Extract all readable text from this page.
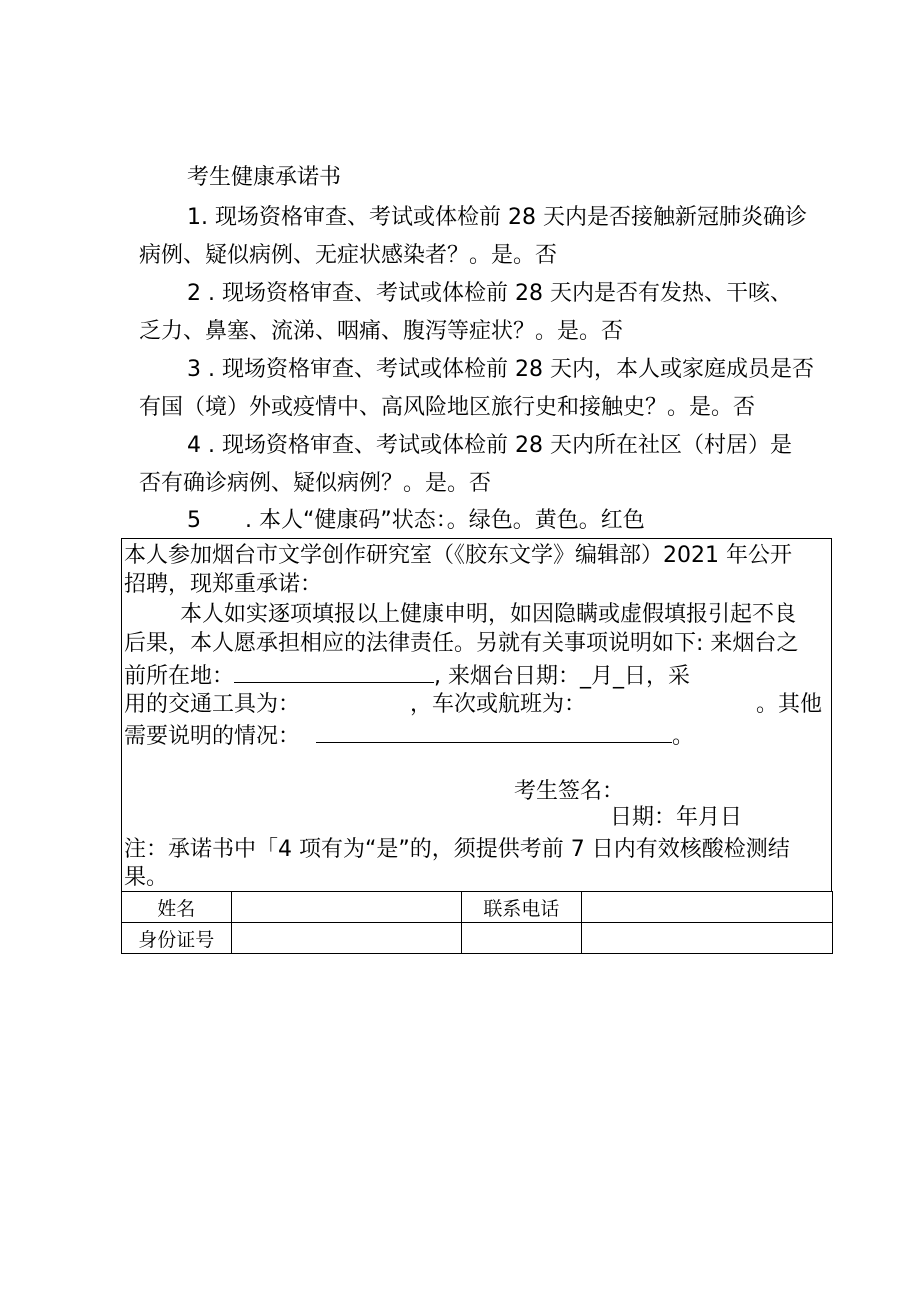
考生健康承诺书
1. 现场资格审查、考试或体检前 28 天内是否接触新冠肺炎确诊
病例、疑似病例、无症状感染者？。是。否
2 . 现场资格审查、考试或体检前 28 天内是否有发热、干咳、
乏力、鼻塞、流涕、咽痛、腹泻等症状？。是。否
3 . 现场资格审查、考试或体检前 28 天内，本人或家庭成员是否
有国（境）外或疫情中、高风险地区旅行史和接触史？。是。否
4 . 现场资格审查、考试或体检前 28 天内所在社区（村居）是
否有确诊病例、疑似病例？。是。否
5　　. 本人“健康码”状态：。绿色。黄色。红色
本人参加烟台市文学创作研究室（《胶东文学》编辑部）2021 年公开
招聘，现郑重承诺：
本人如实逐项填报以上健康申明，如因隐瞒或虚假填报引起不良
后果，本人愿承担相应的法律责任。另就有关事项说明如下: 来烟台之
前所在地：	, 来烟台日期：_月_日，采
用的交通工具为：	，车次或航班为：	。其他
需要说明的情况：	。
考生签名：
日期：年月日
注：承诺书中「4 项有为“是”的，须提供考前 7 日内有效核酸检测结
果。
姓名		联系电话	
身份证号			
